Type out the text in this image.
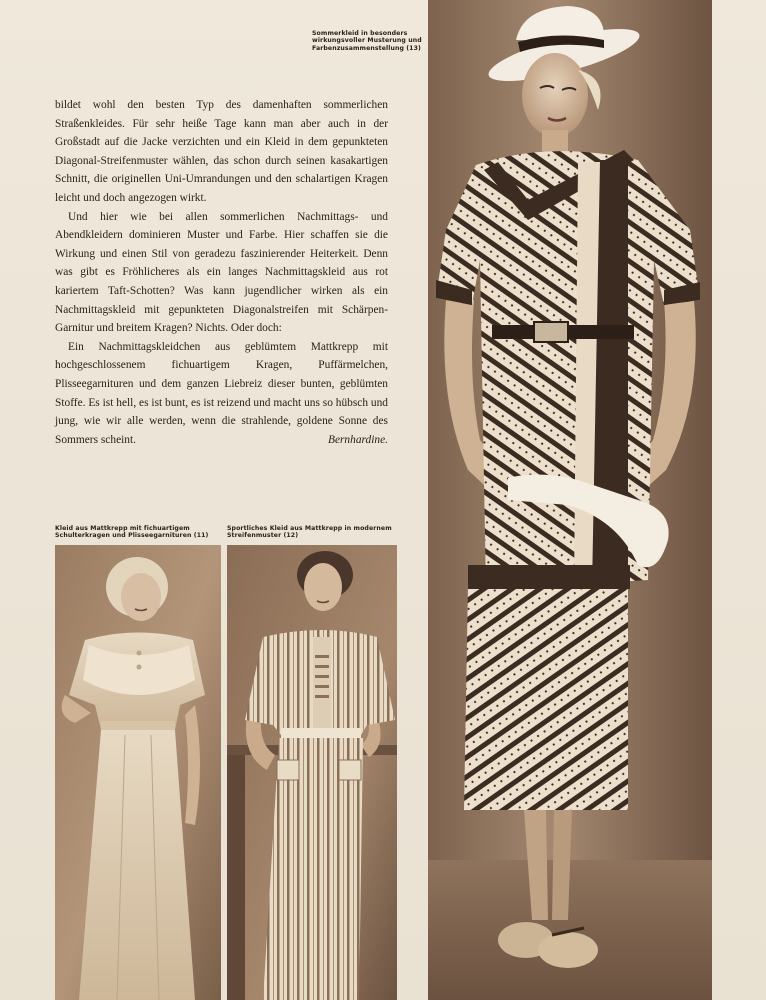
Sommerkleid in besonders wirkungsvoller Musterung und Farbenzusammenstellung (13)

bildet wohl den besten Typ des damenhaften sommerlichen Straßenkleides. Für sehr heiße Tage kann man aber auch in der Großstadt auf die Jacke verzichten und ein Kleid in dem gepunkteten Diagonal-Streifenmuster wählen, das schon durch seinen kasakartigen Schnitt, die originellen Uni-Umrandungen und den schalartigen Kragen leicht und doch angezogen wirkt.

Und hier wie bei allen sommerlichen Nachmittags- und Abendkleidern dominieren Muster und Farbe. Hier schaffen sie die Wirkung und einen Stil von geradezu faszinierender Heiterkeit. Denn was gibt es Fröhlicheres als ein langes Nachmittagskleid aus rot kariertem Taft-Schotten? Was kann jugendlicher wirken als ein Nachmittagskleid mit gepunkteten Diagonalstreifen mit Schärpen-Garnitur und breitem Kragen? Nichts. Oder doch:

Ein Nachmittagskleidchen aus geblümtem Mattkrepp mit hochgeschlossenem fichuartigem Kragen, Puffärmelchen, Plisseegarnituren und dem ganzen Liebreiz dieser bunten, geblümten Stoffe. Es ist hell, es ist bunt, es ist reizend und macht uns so hübsch und jung, wie wir alle werden, wenn die strahlende, goldene Sonne des Sommers scheint.	Bernhardine.
Kleid aus Mattkrepp mit fichuartigem Schulterkragen und Plisseegarnituren (11)
Sportliches Kleid aus Mattkrepp in modernem Streifenmuster (12)
